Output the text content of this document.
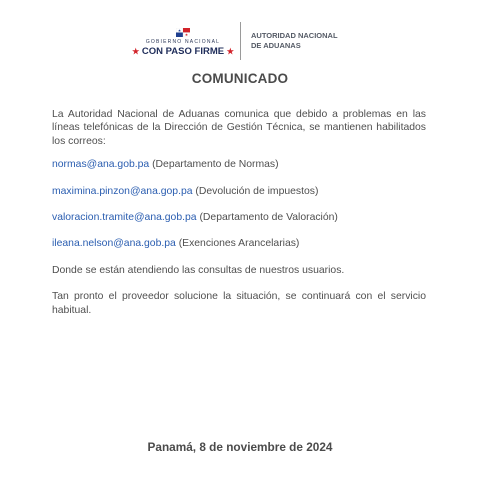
GOBIERNO NACIONAL
★ CON PASO FIRME ★
AUTORIDAD NACIONAL
DE ADUANAS
COMUNICADO

La Autoridad Nacional de Aduanas comunica que debido a problemas en las líneas telefónicas de la Dirección de Gestión Técnica, se mantienen habilitados los correos:

normas@ana.gob.pa (Departamento de Normas)

maximina.pinzon@ana.gop.pa (Devolución de impuestos)

valoracion.tramite@ana.gob.pa (Departamento de Valoración)

ileana.nelson@ana.gob.pa (Exenciones Arancelarias)

Donde se están atendiendo las consultas de nuestros usuarios.

Tan pronto el proveedor solucione la situación, se continuará con el servicio habitual.

Panamá, 8 de noviembre de 2024
